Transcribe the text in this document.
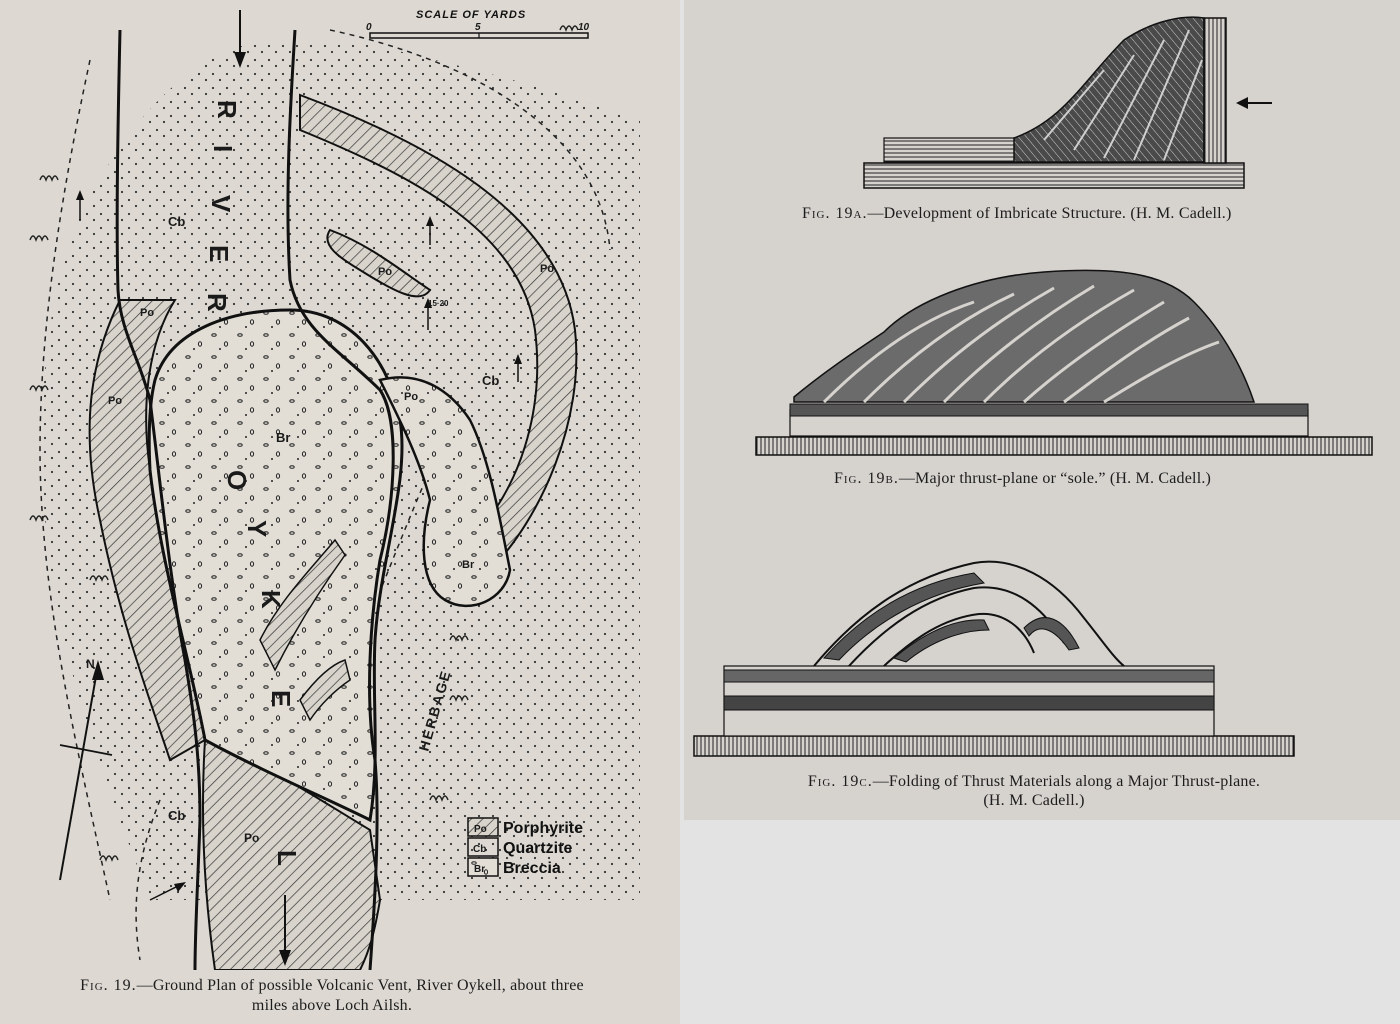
N
SCALE OF YARDS
0	5	10
R
I
V
E
R
O
Y
K
E
L
Cb
Cb
Cb
Po
Po
Po	Po
Po
Po
Br
Br
15·20
HERBAGE
Po
Cb
Br
Porphyrite
Quartzite
Breccia
Fig. 19.—Ground Plan of possible Volcanic Vent, River Oykell, about three
miles above Loch Ailsh.

Fig. 19a.—Development of Imbricate Structure. (H. M. Cadell.)
Fig. 19b.—Major thrust-plane or “sole.” (H. M. Cadell.)
Fig. 19c.—Folding of Thrust Materials along a Major Thrust-plane.
(H. M. Cadell.)
